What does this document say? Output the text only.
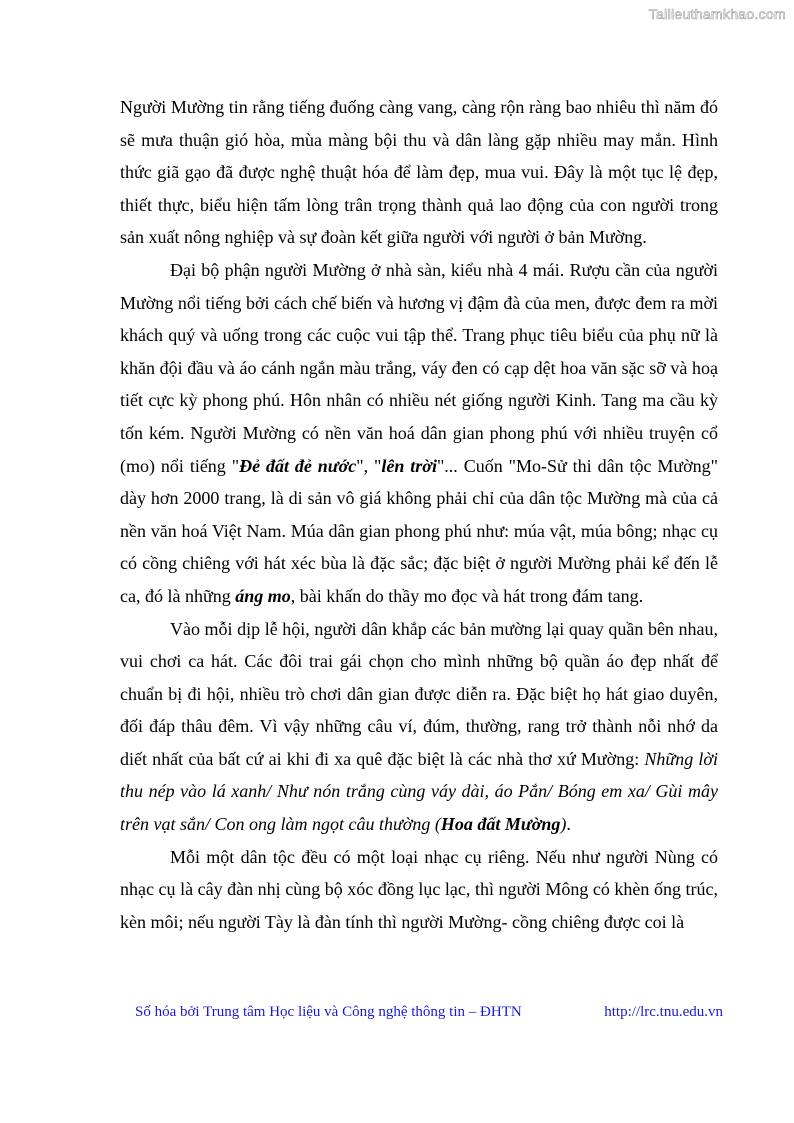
Tailieuthamkhao.com

Người Mường tin rằng tiếng đuống càng vang, càng rộn ràng bao nhiêu thì năm đó sẽ mưa thuận gió hòa, mùa màng bội thu và dân làng gặp nhiều may mắn. Hình thức giã gạo đã được nghệ thuật hóa để làm đẹp, mua vui. Đây là một tục lệ đẹp, thiết thực, biểu hiện tấm lòng trân trọng thành quả lao động của con người trong sản xuất nông nghiệp và sự đoàn kết giữa người với người ở bản Mường.

Đại bộ phận người Mường ở nhà sàn, kiểu nhà 4 mái. Rượu cần của người Mường nổi tiếng bởi cách chế biến và hương vị đậm đà của men, được đem ra mời khách quý và uống trong các cuộc vui tập thể. Trang phục tiêu biểu của phụ nữ là khăn đội đầu và áo cánh ngắn màu trắng, váy đen có cạp dệt hoa văn sặc sỡ và hoạ tiết cực kỳ phong phú. Hôn nhân có nhiều nét giống người Kinh. Tang ma cầu kỳ tốn kém. Người Mường có nền văn hoá dân gian phong phú với nhiều truyện cổ (mo) nổi tiếng "Đẻ đất đẻ nước", "lên trời"... Cuốn "Mo-Sử thi dân tộc Mường" dày hơn 2000 trang, là di sản vô giá không phải chỉ của dân tộc Mường mà của cả nền văn hoá Việt Nam. Múa dân gian phong phú như: múa vật, múa bông; nhạc cụ có cồng chiêng với hát xéc bùa là đặc sắc; đặc biệt ở người Mường phải kể đến lễ ca, đó là những áng mo, bài khấn do thầy mo đọc và hát trong đám tang.

Vào mỗi dịp lễ hội, người dân khắp các bản mường lại quay quần bên nhau, vui chơi ca hát. Các đôi trai gái chọn cho mình những bộ quần áo đẹp nhất để chuẩn bị đi hội, nhiều trò chơi dân gian được diễn ra. Đặc biệt họ hát giao duyên, đối đáp thâu đêm. Vì vậy những câu ví, đúm, thường, rang trở thành nỗi nhớ da diết nhất của bất cứ ai khi đi xa quê đặc biệt là các nhà thơ xứ Mường: Những lời thu nép vào lá xanh/ Như nón trắng cùng váy dài, áo Pắn/ Bóng em xa/ Gùi mây trên vạt sắn/ Con ong làm ngọt câu thường (Hoa đất Mường).

Mỗi một dân tộc đều có một loại nhạc cụ riêng. Nếu như người Nùng có nhạc cụ là cây đàn nhị cùng bộ xóc đồng lục lạc, thì người Mông có khèn ống trúc, kèn môi; nếu người Tày là đàn tính thì người Mường- cồng chiêng được coi là

Số hóa bởi Trung tâm Học liệu và Công nghệ thông tin – ĐHTN	http://lrc.tnu.edu.vn
